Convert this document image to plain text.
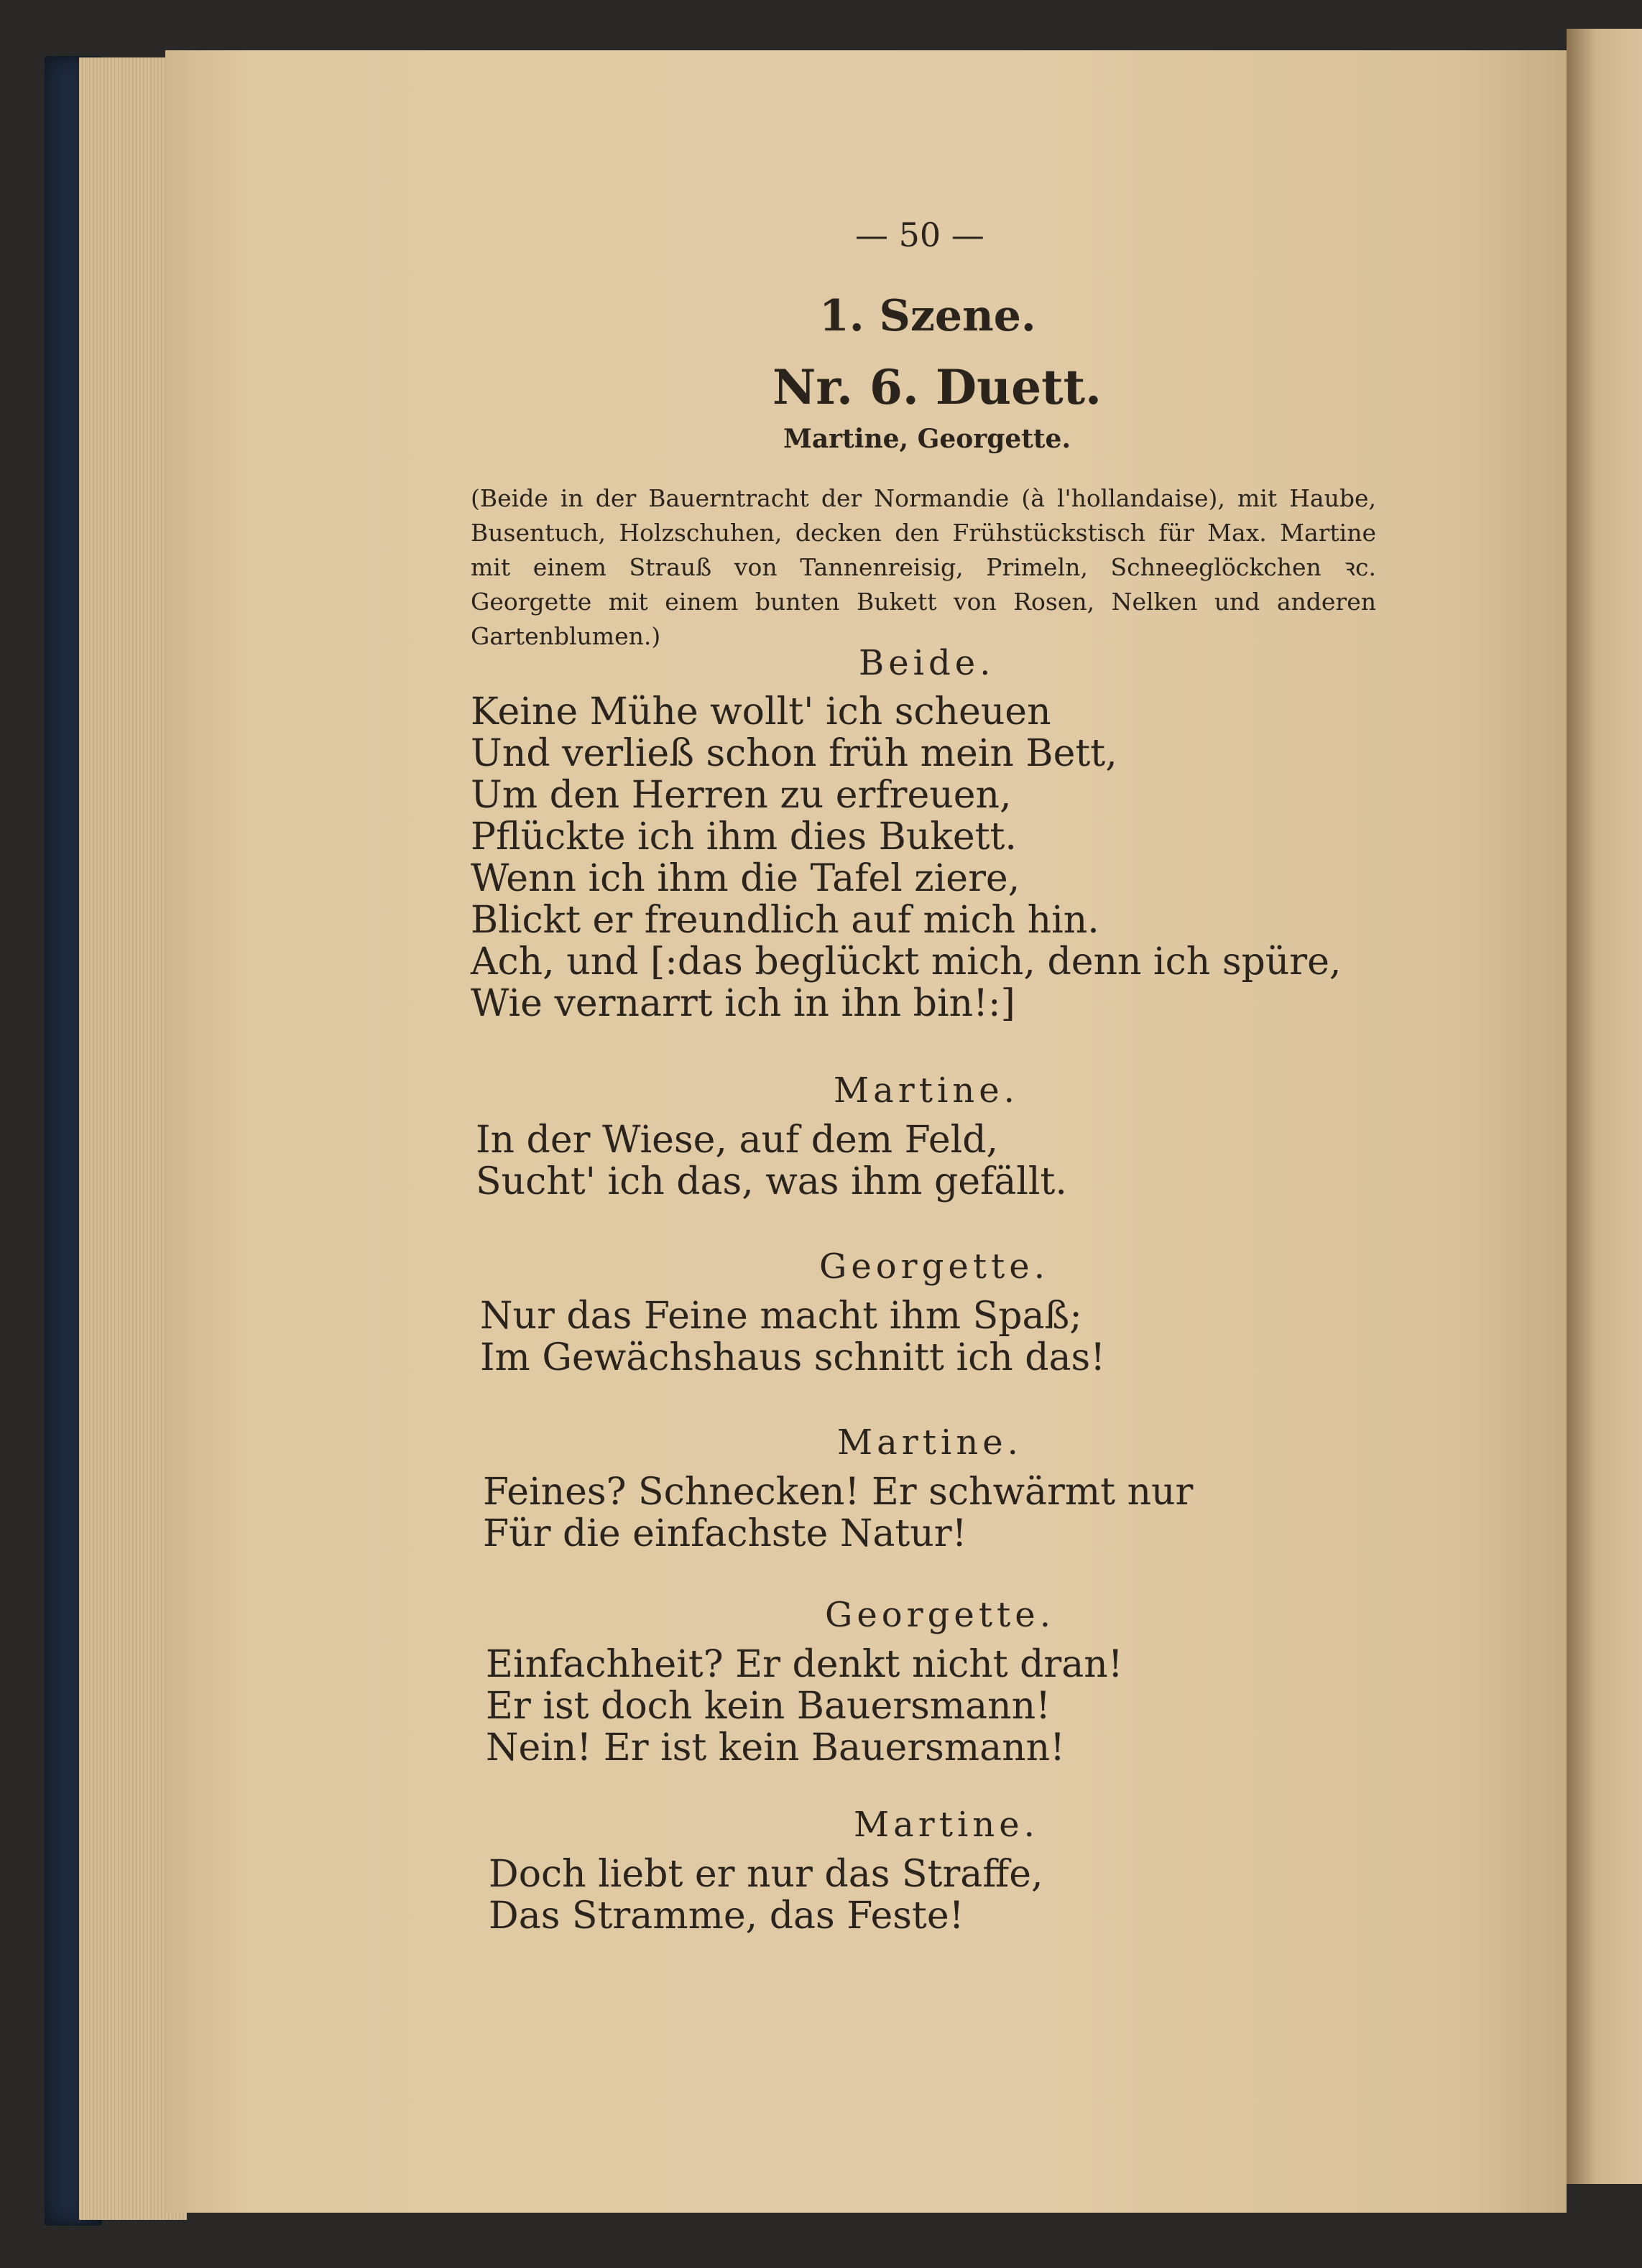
— 50 —
1. Szene.
Nr. 6. Duett.
Martine, Georgette.
(Beide in der Bauerntracht der Normandie (à l'hollandaise), mit Haube, Busentuch, Holzschuhen, decken den Frühstückstisch für Max. Martine mit einem Strauß von Tannenreisig, Primeln, Schneeglöckchen ꝛc. Georgette mit einem bunten Bukett von Rosen, Nelken und anderen Gartenblumen.)
Beide.
Keine Mühe wollt' ich scheuen
Und verließ schon früh mein Bett,
Um den Herren zu erfreuen,
Pflückte ich ihm dies Bukett.
Wenn ich ihm die Tafel ziere,
Blickt er freundlich auf mich hin.
Ach, und [:das beglückt mich, denn ich spüre,
Wie vernarrt ich in ihn bin!:]
Martine.
In der Wiese, auf dem Feld,
Sucht' ich das, was ihm gefällt.
Georgette.
Nur das Feine macht ihm Spaß;
Im Gewächshaus schnitt ich das!
Martine.
Feines? Schnecken! Er schwärmt nur
Für die einfachste Natur!
Georgette.
Einfachheit? Er denkt nicht dran!
Er ist doch kein Bauersmann!
Nein! Er ist kein Bauersmann!
Martine.
Doch liebt er nur das Straffe,
Das Stramme, das Feste!
